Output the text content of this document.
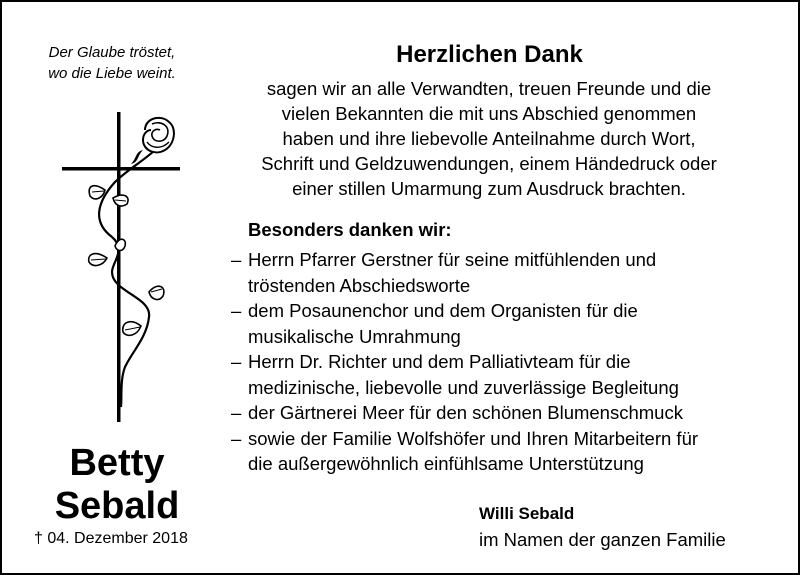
Der Glaube tröstet,
wo die Liebe weint.
Betty
Sebald
† 04. Dezember 2018
Herzlichen Dank
sagen wir an alle Verwandten, treuen Freunde und die
vielen Bekannten die mit uns Abschied genommen
haben und ihre liebevolle Anteilnahme durch Wort,
Schrift und Geldzuwendungen, einem Händedruck oder
einer stillen Umarmung zum Ausdruck brachten.
Besonders danken wir:
– Herrn Pfarrer Gerstner für seine mitfühlenden und
tröstenden Abschiedsworte
– dem Posaunenchor und dem Organisten für die
musikalische Umrahmung
– Herrn Dr. Richter und dem Palliativteam für die
medizinische, liebevolle und zuverlässige Begleitung
– der Gärtnerei Meer für den schönen Blumenschmuck
– sowie der Familie Wolfshöfer und Ihren Mitarbeitern für
die außergewöhnlich einfühlsame Unterstützung
Willi Sebald
im Namen der ganzen Familie
